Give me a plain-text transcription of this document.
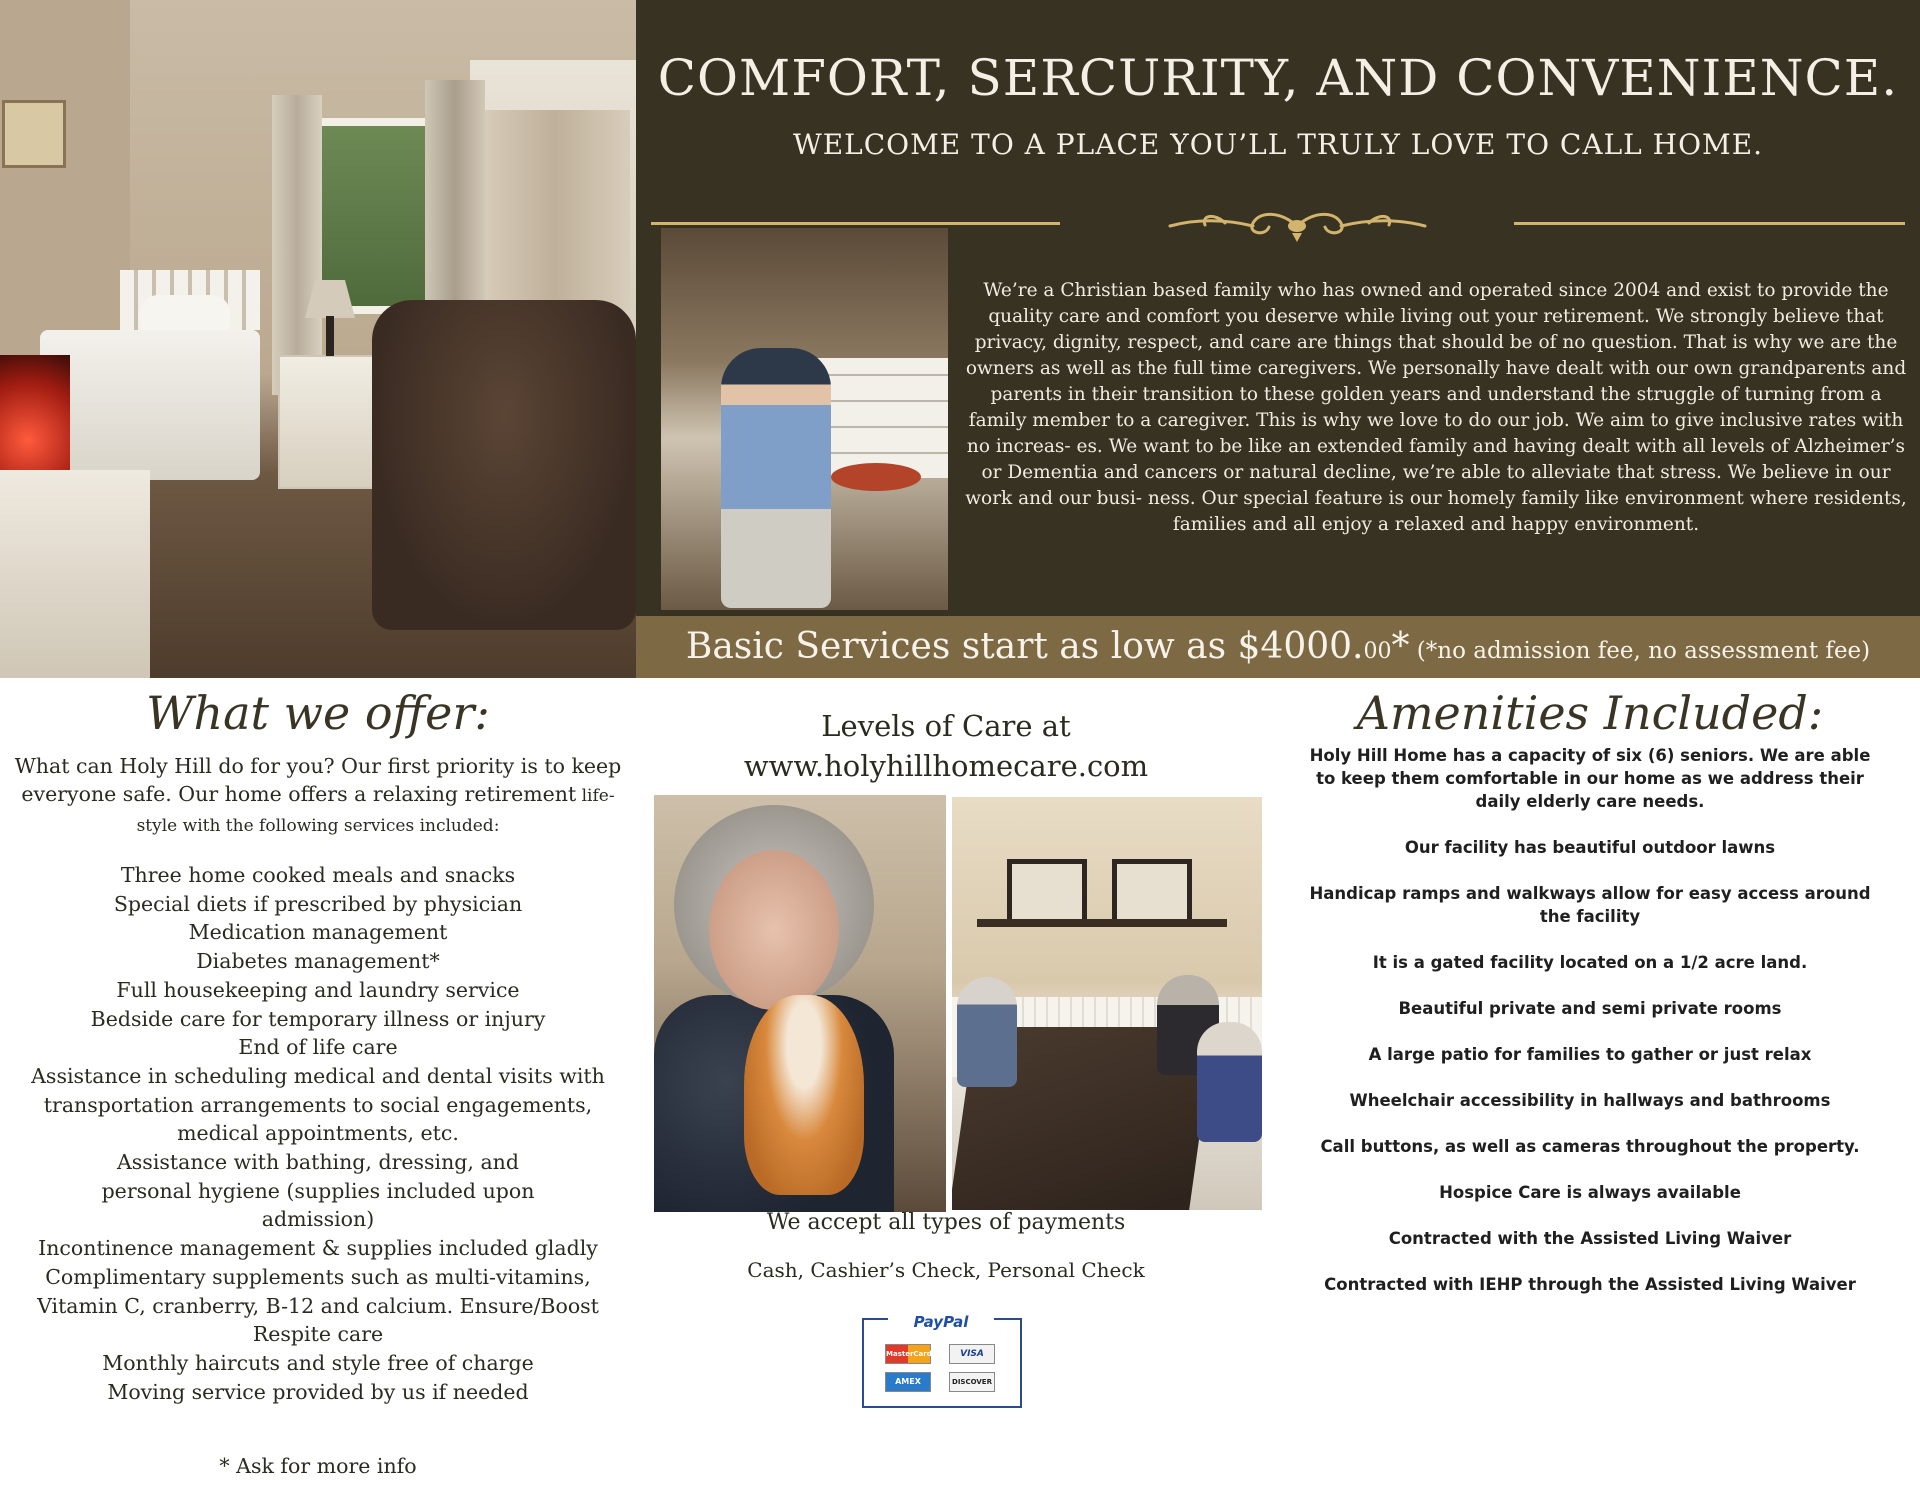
COMFORT, SERCURITY, AND CONVENIENCE.
WELCOME TO A PLACE YOU’LL TRULY LOVE TO CALL HOME.

We’re a Christian based family who has owned and operated since 2004 and exist to provide the quality care and comfort you deserve while living out your retirement. We strongly believe that privacy, dignity, respect, and care are things that should be of no question. That is why we are the owners as well as the full time caregivers. We personally have dealt with our own grandparents and parents in their transition to these golden years and understand the struggle of turning from a family member to a caregiver. This is why we love to do our job. We aim to give inclusive rates with no increas- es. We want to be like an extended family and having dealt with all levels of Alzheimer’s or Dementia and cancers or natural decline, we’re able to alleviate that stress. We believe in our work and our busi- ness. Our special feature is our homely family like environment where residents, families and all enjoy a relaxed and happy environment.

Basic Services start as low as $4000.00* (*no admission fee, no assessment fee)
What we offer:

What can Holy Hill do for you? Our first priority is to keep everyone safe. Our home offers a relaxing retirement life-style with the following services included:

Three home cooked meals and snacks
Special diets if prescribed by physician
Medication management
Diabetes management*
Full housekeeping and laundry service
Bedside care for temporary illness or injury
End of life care
Assistance in scheduling medical and dental visits with transportation arrangements to social engagements, medical appointments, etc.
Assistance with bathing, dressing, and personal hygiene (supplies included upon admission)
Incontinence management & supplies included gladly
Complimentary supplements such as multi-vitamins, Vitamin C, cranberry, B-12 and calcium. Ensure/Boost
Respite care
Monthly haircuts and style free of charge
Moving service provided by us if needed

* Ask for more info

Levels of Care at
www.holyhillhomecare.com
We accept all types of payments

Cash, Cashier’s Check, Personal Check

PayPal
MasterCard	VISA
AMEX	DISCOVER
Amenities Included:
Holy Hill Home has a capacity of six (6) seniors. We are able to keep them comfortable in our home as we address their daily elderly care needs.
Our facility has beautiful outdoor lawns
Handicap ramps and walkways allow for easy access around the facility
It is a gated facility located on a 1/2 acre land.
Beautiful private and semi private rooms
A large patio for families to gather or just relax
Wheelchair accessibility in hallways and bathrooms
Call buttons, as well as cameras throughout the property.
Hospice Care is always available
Contracted with the Assisted Living Waiver
Contracted with IEHP through the Assisted Living Waiver
